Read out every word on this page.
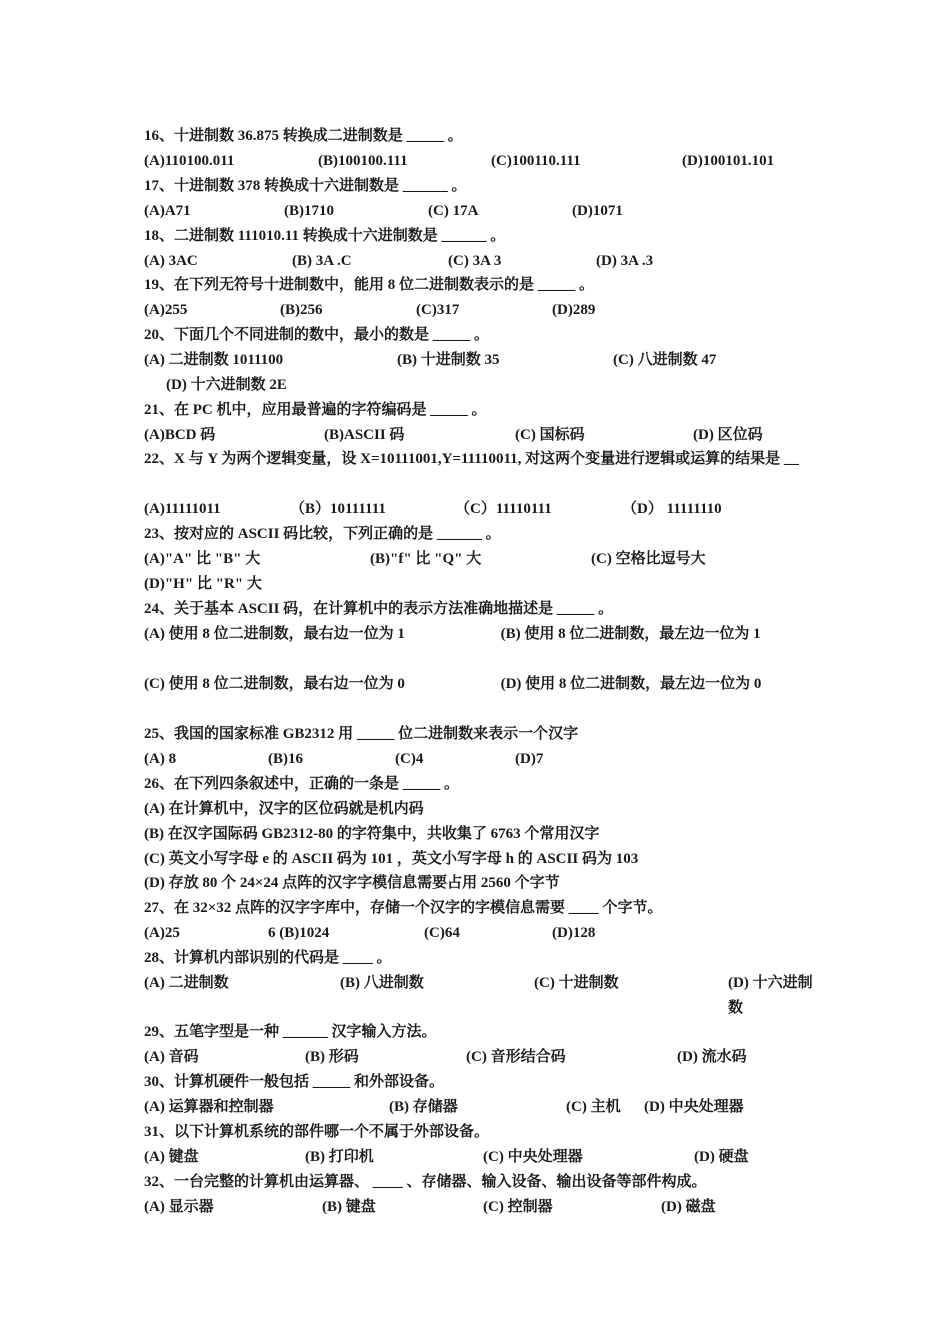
16、十进制数 36.875 转换成二进制数是 _____ 。
(A)110100.011	(B)100100.111	(C)100110.111	(D)100101.101
17、十进制数 378 转换成十六进制数是 ______ 。
(A)A71	(B)1710	(C) 17A	(D)1071
18、二进制数 111010.11 转换成十六进制数是 ______ 。
(A) 3AC	(B) 3A .C	(C) 3A 3	(D) 3A .3
19、在下列无符号十进制数中，能用 8 位二进制数表示的是 _____ 。
(A)255	(B)256	(C)317	(D)289
20、下面几个不同进制的数中，最小的数是 _____ 。
(A) 二进制数 1011100	(B) 十进制数 35	(C) 八进制数 47
(D) 十六进制数 2E
21、在 PC 机中，应用最普遍的字符编码是 _____ 。
(A)BCD 码	(B)ASCII 码	(C) 国标码	(D) 区位码
22、X 与 Y 为两个逻辑变量，设 X=10111001,Y=11110011, 对这两个变量进行逻辑或运算的结果是 __
(A)11111011	（B）10111111	（C）11110111	（D） 11111110
23、按对应的 ASCII 码比较，下列正确的是 ______ 。
(A)"A" 比 "B" 大	(B)"f" 比 "Q" 大	(C) 空格比逗号大
(D)"H" 比 "R" 大
24、关于基本 ASCII 码，在计算机中的表示方法准确地描述是 _____ 。
(A) 使用 8 位二进制数，最右边一位为 1	(B) 使用 8 位二进制数，最左边一位为 1
(C) 使用 8 位二进制数，最右边一位为 0	(D) 使用 8 位二进制数，最左边一位为 0
25、我国的国家标准 GB2312 用 _____ 位二进制数来表示一个汉字
(A) 8	(B)16	(C)4	(D)7
26、在下列四条叙述中，正确的一条是 _____ 。
(A) 在计算机中，汉字的区位码就是机内码
(B) 在汉字国际码 GB2312-80 的字符集中，共收集了 6763 个常用汉字
(C) 英文小写字母 e 的 ASCII 码为 101 ，英文小写字母 h 的 ASCII 码为 103
(D) 存放 80 个 24×24 点阵的汉字字模信息需要占用 2560 个字节
27、在 32×32 点阵的汉字字库中，存储一个汉字的字模信息需要 ____ 个字节。
(A)25	6 (B)1024	(C)64	(D)128
28、计算机内部识别的代码是 ____ 。
(A) 二进制数	(B) 八进制数	(C) 十进制数	(D) 十六进制数
29、五笔字型是一种 ______ 汉字输入方法。
(A) 音码	(B) 形码	(C) 音形结合码	(D) 流水码
30、计算机硬件一般包括 _____ 和外部设备。
(A) 运算器和控制器	(B) 存储器	(C) 主机 (D) 中央处理器
31、以下计算机系统的部件哪一个不属于外部设备。
(A) 键盘	(B) 打印机	(C) 中央处理器	(D) 硬盘
32、一台完整的计算机由运算器、 ____ 、存储器、输入设备、输出设备等部件构成。
(A) 显示器	(B) 键盘	(C) 控制器	(D) 磁盘
